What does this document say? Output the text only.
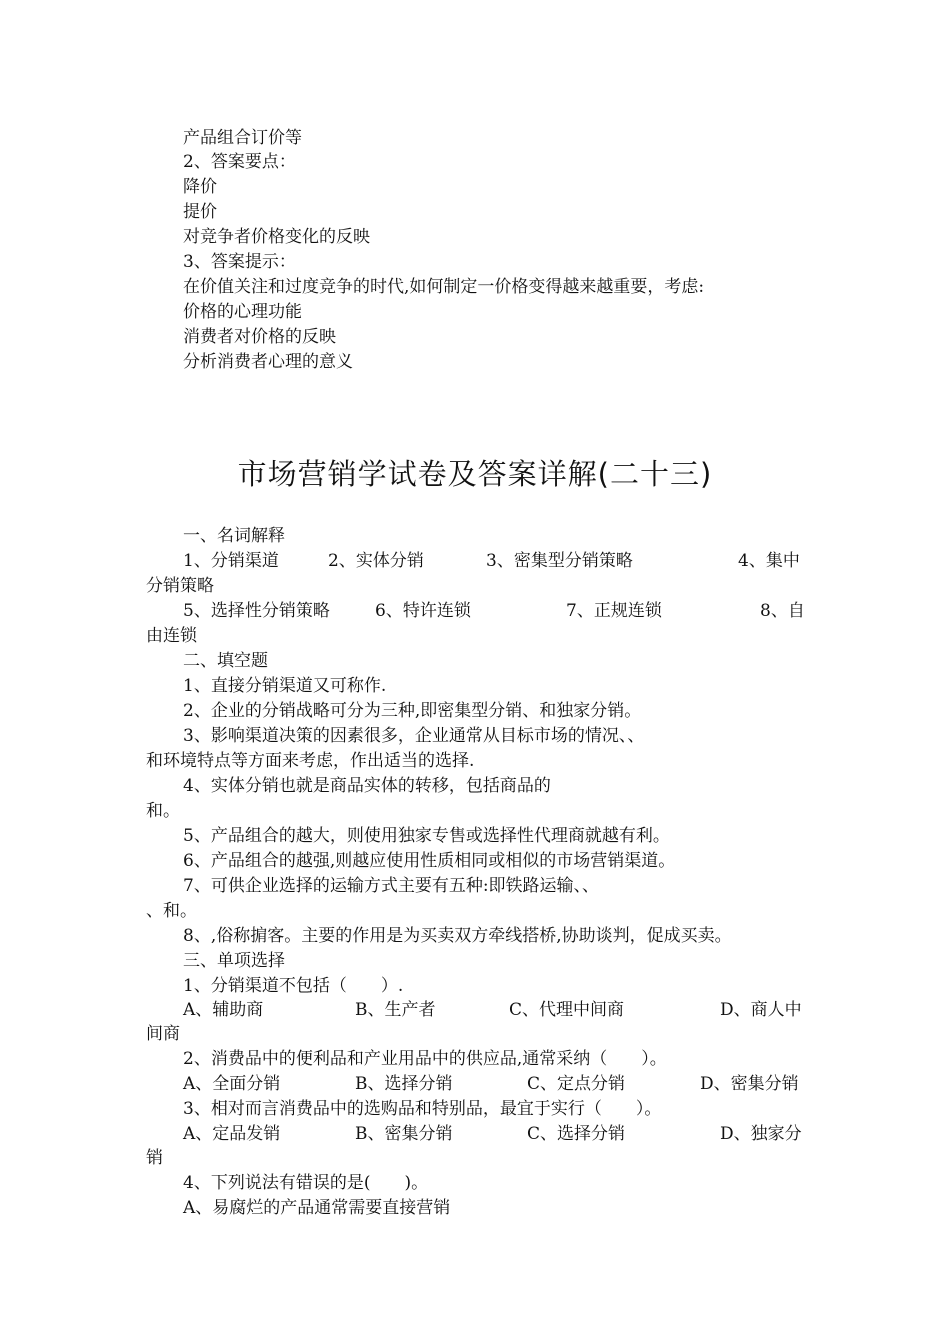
产品组合订价等
2、答案要点：
降价
提价
对竞争者价格变化的反映
3、答案提示：
在价值关注和过度竞争的时代,如何制定一价格变得越来越重要，考虑:
价格的心理功能
消费者对价格的反映
分析消费者心理的意义
市场营销学试卷及答案详解(二十三)
一、名词解释
1、分销渠道	2、实体分销	3、密集型分销策略	4、集中
分销策略
5、选择性分销策略	6、特许连锁	7、正规连锁	8、自
由连锁
二、填空题
1、直接分销渠道又可称作.
2、企业的分销战略可分为三种,即密集型分销、和独家分销。
3、影响渠道决策的因素很多，企业通常从目标市场的情况、、
和环境特点等方面来考虑，作出适当的选择.
4、实体分销也就是商品实体的转移，包括商品的
和。
5、产品组合的越大，则使用独家专售或选择性代理商就越有利。
6、产品组合的越强,则越应使用性质相同或相似的市场营销渠道。
7、可供企业选择的运输方式主要有五种:即铁路运输、、
、和。
8、,俗称掮客。主要的作用是为买卖双方牵线搭桥,协助谈判，促成买卖。
三、单项选择
1、分销渠道不包括（　　）.
A、辅助商	B、生产者	C、代理中间商	D、商人中
间商
2、消费品中的便利品和产业用品中的供应品,通常采纳（　　）。
A、全面分销	B、选择分销	C、定点分销	D、密集分销
3、相对而言消费品中的选购品和特别品，最宜于实行（　　）。
A、定品发销	B、密集分销	C、选择分销	D、独家分
销
4、下列说法有错误的是(　　)。
A、易腐烂的产品通常需要直接营销
